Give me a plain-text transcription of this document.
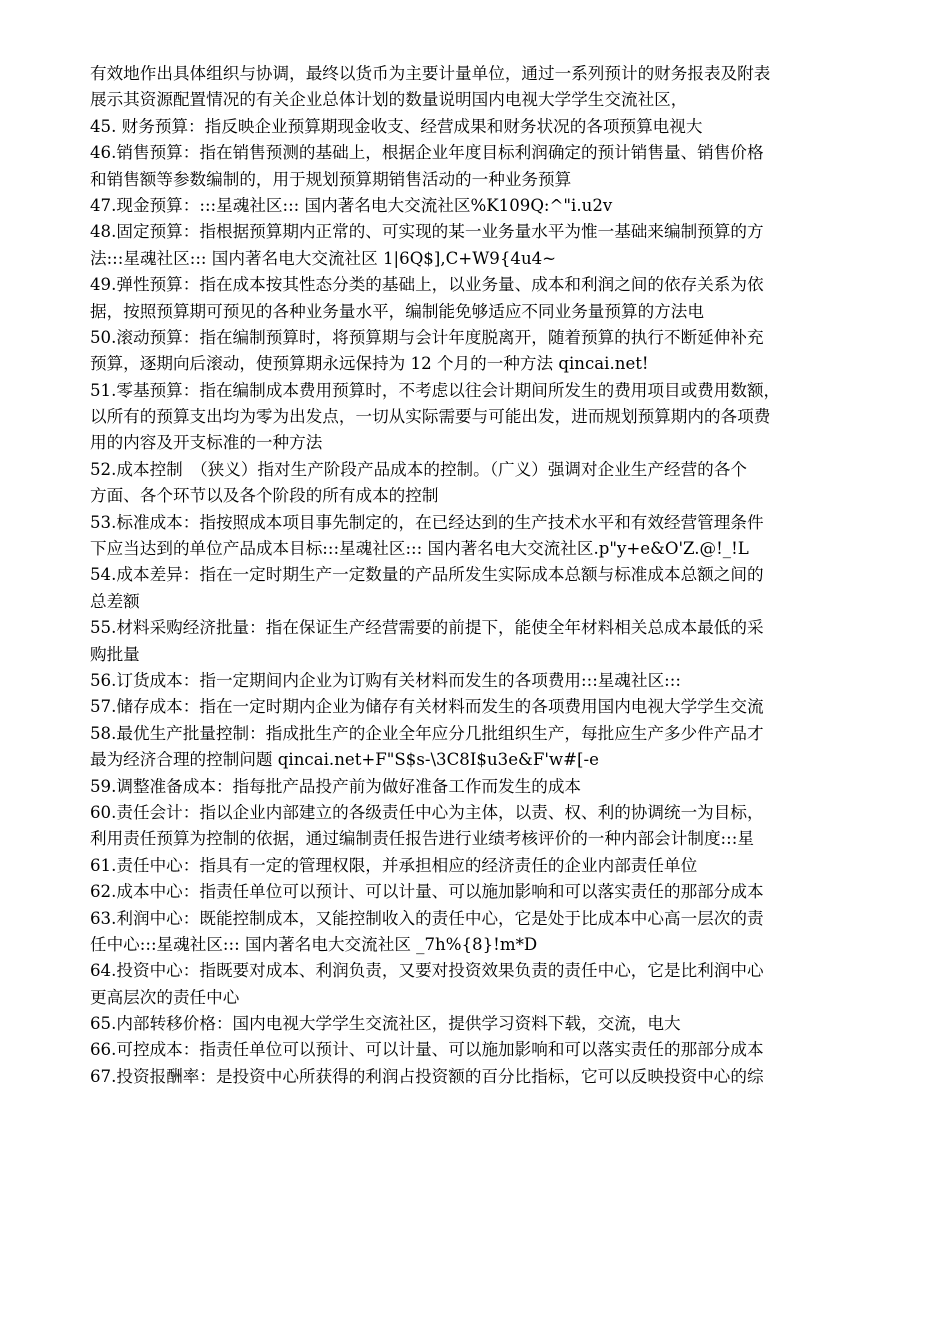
有效地作出具体组织与协调，最终以货币为主要计量单位，通过一系列预计的财务报表及附表
展示其资源配置情况的有关企业总体计划的数量说明国内电视大学学生交流社区，
45. 财务预算：指反映企业预算期现金收支、经营成果和财务状况的各项预算电视大
46.销售预算：指在销售预测的基础上，根据企业年度目标利润确定的预计销售量、销售价格
和销售额等参数编制的，用于规划预算期销售活动的一种业务预算
47.现金预算：:::星魂社区::: 国内著名电大交流社区%K109Q:^"i.u2v
48.固定预算：指根据预算期内正常的、可实现的某一业务量水平为惟一基础来编制预算的方
法:::星魂社区::: 国内著名电大交流社区 1|6Q$],C+W9{4u4~
49.弹性预算：指在成本按其性态分类的基础上，以业务量、成本和利润之间的依存关系为依
据，按照预算期可预见的各种业务量水平，编制能免够适应不同业务量预算的方法电
50.滚动预算：指在编制预算时，将预算期与会计年度脱离开，随着预算的执行不断延伸补充
预算，逐期向后滚动，使预算期永远保持为 12 个月的一种方法 qincai.net!
51.零基预算：指在编制成本费用预算时，不考虑以往会计期间所发生的费用项目或费用数额，
以所有的预算支出均为零为出发点，一切从实际需要与可能出发，进而规划预算期内的各项费
用的内容及开支标准的一种方法
52.成本控制　（狭义）指对生产阶段产品成本的控制。（广义）强调对企业生产经营的各个
方面、各个环节以及各个阶段的所有成本的控制
53.标准成本：指按照成本项目事先制定的，在已经达到的生产技术水平和有效经营管理条件
下应当达到的单位产品成本目标:::星魂社区::: 国内著名电大交流社区.p"y+e&O'Z.@!_!L
54.成本差异：指在一定时期生产一定数量的产品所发生实际成本总额与标准成本总额之间的
总差额
55.材料采购经济批量：指在保证生产经营需要的前提下，能使全年材料相关总成本最低的采
购批量
56.订货成本：指一定期间内企业为订购有关材料而发生的各项费用:::星魂社区:::
57.储存成本：指在一定时期内企业为储存有关材料而发生的各项费用国内电视大学学生交流
58.最优生产批量控制：指成批生产的企业全年应分几批组织生产，每批应生产多少件产品才
最为经济合理的控制问题 qincai.net+F"S$s-\3C8I$u3e&F'w#[-e
59.调整准备成本：指每批产品投产前为做好准备工作而发生的成本
60.责任会计：指以企业内部建立的各级责任中心为主体，以责、权、利的协调统一为目标，
利用责任预算为控制的依据，通过编制责任报告进行业绩考核评价的一种内部会计制度:::星
61.责任中心：指具有一定的管理权限，并承担相应的经济责任的企业内部责任单位
62.成本中心：指责任单位可以预计、可以计量、可以施加影响和可以落实责任的那部分成本
63.利润中心：既能控制成本，又能控制收入的责任中心，它是处于比成本中心高一层次的责
任中心:::星魂社区::: 国内著名电大交流社区 _7h%{8}!m*D
64.投资中心：指既要对成本、利润负责，又要对投资效果负责的责任中心，它是比利润中心
更高层次的责任中心
65.内部转移价格：国内电视大学学生交流社区，提供学习资料下载，交流，电大
66.可控成本：指责任单位可以预计、可以计量、可以施加影响和可以落实责任的那部分成本
67.投资报酬率：是投资中心所获得的利润占投资额的百分比指标，它可以反映投资中心的综
